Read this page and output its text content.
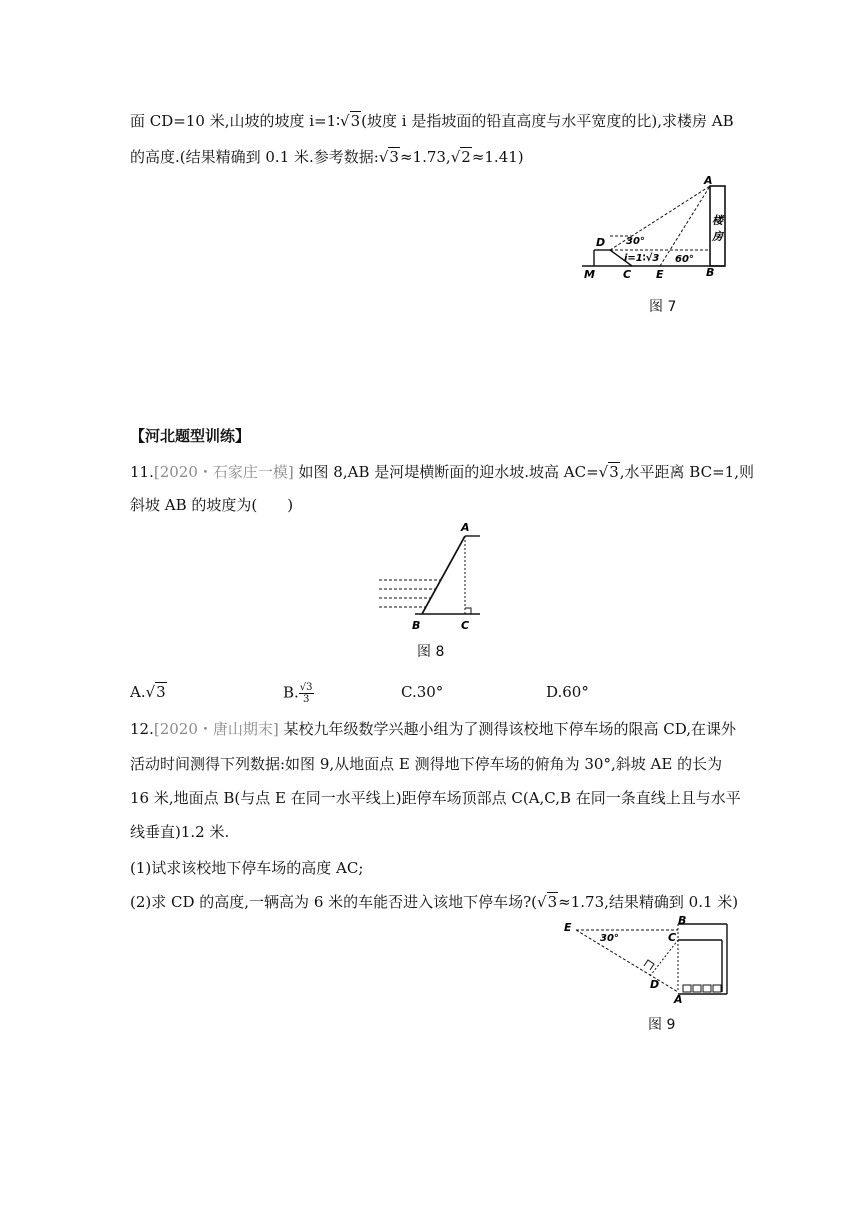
面 CD=10 米,山坡的坡度 i=1∶√3(坡度 i 是指坡面的铅直高度与水平宽度的比),求楼房 AB
的高度.(结果精确到 0.1 米.参考数据:√3≈1.73,√2≈1.41)
楼
房
A
B
C
D
E
M
30°
60°
i=1∶√3
图 7
【河北题型训练】
11.[2020・石家庄一模] 如图 8,AB 是河堤横断面的迎水坡.坡高 AC=√3,水平距离 BC=1,则
斜坡 AB 的坡度为(　　)
A
B	C
图 8
A.√3	B. $\frac{√3}{3}$	C.30°	D.60°
12.[2020・唐山期末] 某校九年级数学兴趣小组为了测得该校地下停车场的限高 CD,在课外
活动时间测得下列数据:如图 9,从地面点 E 测得地下停车场的俯角为 30°,斜坡 AE 的长为
16 米,地面点 B(与点 E 在同一水平线上)距停车场顶部点 C(A,C,B 在同一条直线上且与水平
线垂直)1.2 米.
(1)试求该校地下停车场的高度 AC;
(2)求 CD 的高度,一辆高为 6 米的车能否进入该地下停车场?(√3≈1.73,结果精确到 0.1 米)
E
B
C
D
A
30°
图 9
